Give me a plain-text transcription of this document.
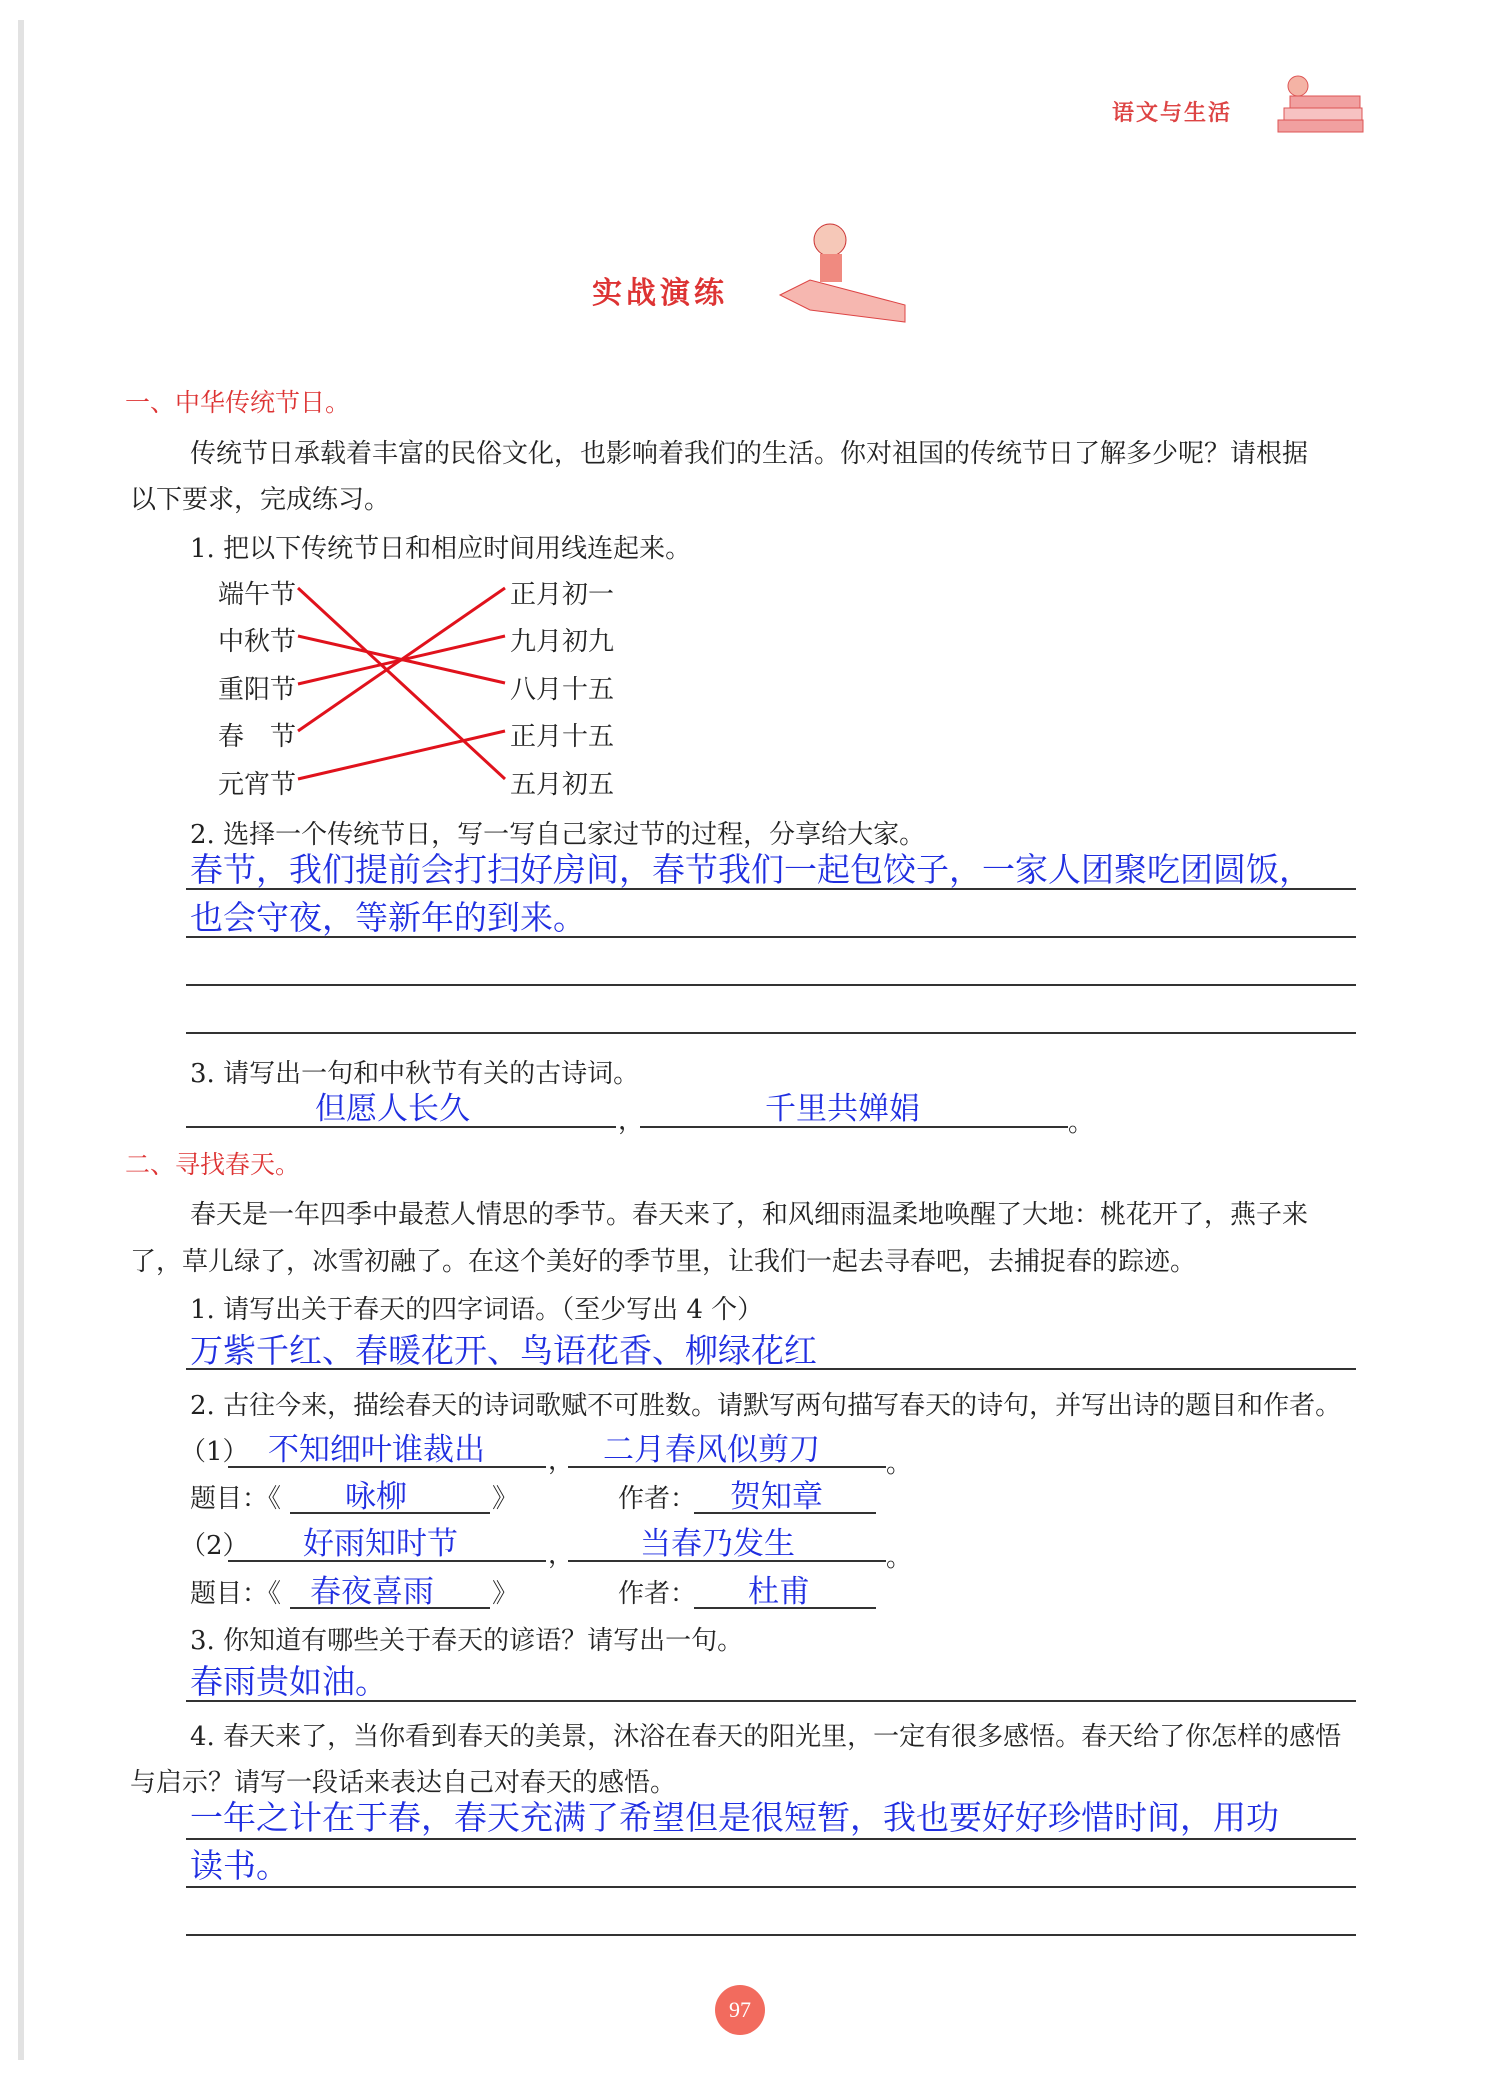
语文与生活
实战演练
一、中华传统节日。
传统节日承载着丰富的民俗文化，也影响着我们的生活。你对祖国的传统节日了解多少呢？请根据
以下要求，完成练习。
1. 把以下传统节日和相应时间用线连起来。
端午节
中秋节
重阳节
春　节
元宵节
正月初一
九月初九
八月十五
正月十五
五月初五
2. 选择一个传统节日，写一写自己家过节的过程，分享给大家。
春节，我们提前会打扫好房间，春节我们一起包饺子，一家人团聚吃团圆饭，
也会守夜，等新年的到来。
3. 请写出一句和中秋节有关的古诗词。
但愿人长久	，	千里共婵娟	。
二、寻找春天。
春天是一年四季中最惹人情思的季节。春天来了，和风细雨温柔地唤醒了大地：桃花开了，燕子来
了，草儿绿了，冰雪初融了。在这个美好的季节里，让我们一起去寻春吧，去捕捉春的踪迹。
1. 请写出关于春天的四字词语。（至少写出 4 个）
万紫千红、春暖花开、鸟语花香、柳绿花红
2. 古往今来，描绘春天的诗词歌赋不可胜数。请默写两句描写春天的诗句，并写出诗的题目和作者。
（1） 不知细叶谁裁出 ， 二月春风似剪刀	。
题目：《 咏柳	》	作者： 贺知章
（2） 好雨知时节	， 当春乃发生	。
题目：《 春夜喜雨 》	作者： 杜甫
3. 你知道有哪些关于春天的谚语？请写出一句。
春雨贵如油。
4. 春天来了，当你看到春天的美景，沐浴在春天的阳光里，一定有很多感悟。春天给了你怎样的感悟
与启示？请写一段话来表达自己对春天的感悟。
一年之计在于春，春天充满了希望但是很短暂，我也要好好珍惜时间，用功
读书。
97
